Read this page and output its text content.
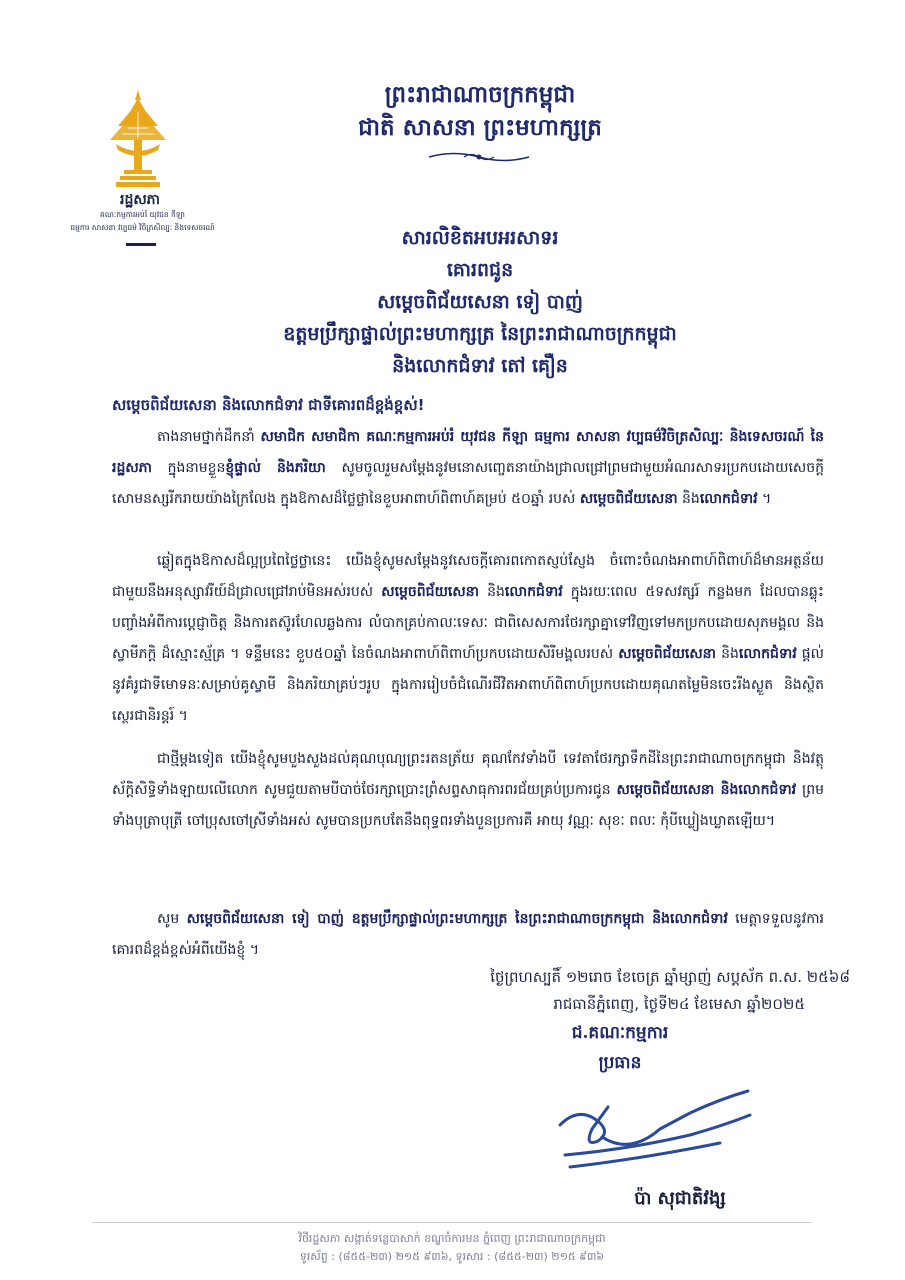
រដ្ឋសភា
គណៈកម្មការអប់រំ យុវជន កីឡា
ធម្មការ សាសនា វប្បធម៌ វិចិត្រសិល្បៈ និងទេសចរណ៍
ព្រះរាជាណាចក្រកម្ពុជា
ជាតិ សាសនា ព្រះមហាក្សត្រ
សារលិខិតអបអរសាទរ
គោរពជូន
សម្តេចពិជ័យសេនា ទៀ បាញ់
ឧត្តមប្រឹក្សាផ្ទាល់ព្រះមហាក្សត្រ នៃព្រះរាជាណាចក្រកម្ពុជា
និងលោកជំទាវ តៅ គឿន
សម្តេចពិជ័យសេនា និងលោកជំទាវ ជាទីគោរពដ៏ខ្ពង់ខ្ពស់!
តាងនាមថ្នាក់ដឹកនាំ សមាជិក សមាជិកា គណៈកម្មការអប់រំ យុវជន កីឡា ធម្មការ សាសនា វប្បធម៌វិចិត្រសិល្បៈ និងទេសចរណ៍ នៃរដ្ឋសភា ក្នុងនាមខ្លួនខ្ញុំផ្ទាល់ និងភរិយា សូមចូលរួមសម្តែងនូវមនោសញ្ចេតនាយ៉ាងជ្រាលជ្រៅព្រមជាមួយអំណរសាទរប្រកបដោយសេចក្តីសោមនស្សរីករាយយ៉ាងក្រៃលែង ក្នុងឱកាសដ៏ថ្លៃថ្លានៃខួបអាពាហ៍ពិពាហ៍គម្រប់ ៥០ឆ្នាំ របស់ សម្តេចពិជ័យសេនា និងលោកជំទាវ ។
ឆ្លៀតក្នុងឱកាសដ៏ល្អប្រពៃថ្លៃថ្លានេះ យើងខ្ញុំសូមសម្តែងនូវសេចក្តីគោរពកោតស្ញប់ស្ញែង ចំពោះចំណងអាពាហ៍ពិពាហ៍ដ៏មានអត្ថន័យ ជាមួយនឹងអនុស្សាវរីយ៍ដ៏ជ្រាលជ្រៅរាប់មិនអស់របស់ សម្តេចពិជ័យសេនា និងលោកជំទាវ ក្នុងរយៈពេល ៥ទសវត្សរ៍ កន្លងមក ដែលបានឆ្លុះបញ្ចាំងអំពីការប្តេជ្ញាចិត្ត និងការតស៊ូរហែលឆ្លងការ លំបាកគ្រប់កាលៈទេសៈ ជាពិសេសការថែរក្សាគ្នាទៅវិញទៅមកប្រកបដោយសុភមង្គល និងស្វាមីភក្តិ ដ៏ស្មោះស្ម័គ្រ ។ ទន្ទឹមនេះ ខួប៥០ឆ្នាំ នៃចំណងអាពាហ៍ពិពាហ៍ប្រកបដោយសិរីមង្គលរបស់ សម្តេចពិជ័យសេនា និងលោកជំទាវ ផ្តល់នូវគំរូជាទីមោទនៈសម្រាប់គូស្វាមី និងភរិយាគ្រប់ៗរូប ក្នុងការរៀបចំជំណើរជីវិតអាពាហ៍ពិពាហ៍ប្រកបដោយគុណតម្លៃមិនចេះរីងស្ងួត និងស្ថិតស្ថេរជានិរន្តរ៍ ។
ជាថ្មីម្តងទៀត យើងខ្ញុំសូមបួងសួងដល់គុណបុណ្យព្រះរតនត្រ័យ គុណកែវទាំងបី ទេវតាថែរក្សាទឹកដីនៃព្រះរាជាណាចក្រកម្ពុជា និងវត្ថុស័ក្តិសិទ្ធិទាំងឡាយលើលោក សូមជួយតាមបីបាច់ថែរក្សាប្រោះព្រំសព្ទសាធុការពរជ័យគ្រប់ប្រការជូន សម្តេចពិជ័យសេនា និងលោកជំទាវ ព្រមទាំងបុត្រាបុត្រី ចៅប្រុសចៅស្រីទាំងអស់ សូមបានប្រកបតែនឹងពុទ្ធពរទាំងបួនប្រការគឺ អាយុ វណ្ណៈ សុខៈ ពលៈ កុំបីឃ្លៀងឃ្លាតឡើយ។
សូម សម្តេចពិជ័យសេនា ទៀ បាញ់ ឧត្តមប្រឹក្សាផ្ទាល់ព្រះមហាក្សត្រ នៃព្រះរាជាណាចក្រកម្ពុជា និងលោកជំទាវ មេត្តាទទួលនូវការគោរពដ៏ខ្ពង់ខ្ពស់អំពីយើងខ្ញុំ ។
ថ្ងៃព្រហស្បតិ៍ ១២រោច ខែចេត្រ ឆ្នាំម្សាញ់ សប្តស័ក ព.ស. ២៥៦៨
រាជធានីភ្នំពេញ, ថ្ងៃទី២៤ ខែមេសា ឆ្នាំ២០២៥
ជ.គណៈកម្មការ
ប្រធាន
ប៉ា សុជាតិវង្ស
វិថីរដ្ឋសភា សង្កាត់ទន្លេបាសាក់ ខណ្ឌចំការមន ភ្នំពេញ ព្រះរាជាណាចក្រកម្ពុជា
ទូរស័ព្ទ : (៨៥៥-២៣) ២១៥ ៩៣៦, ទូរសារ : (៨៥៥-២៣) ២១៥ ៩៣៦
